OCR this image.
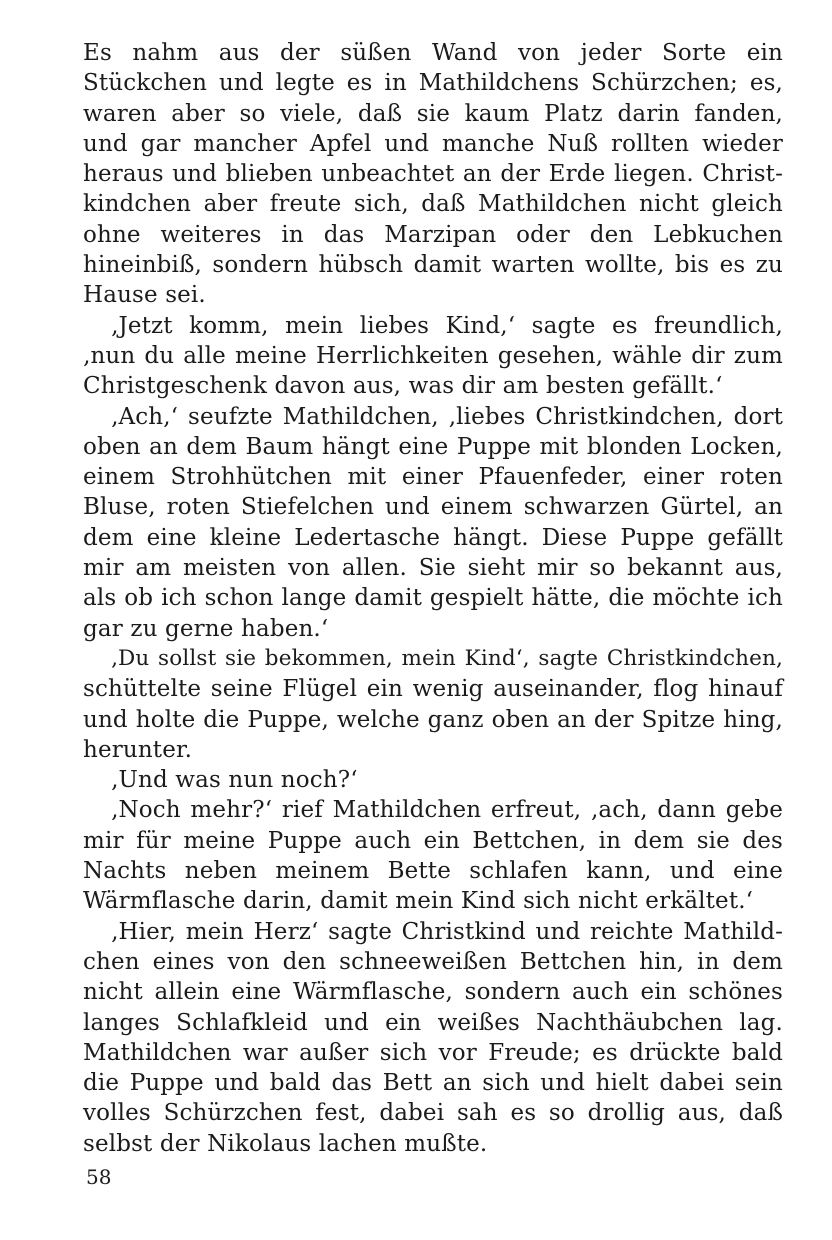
Es nahm aus der süßen Wand von jeder Sorte ein
Stückchen und legte es in Mathildchens Schürzchen; es,
waren aber so viele, daß sie kaum Platz darin fanden,
und gar mancher Apfel und manche Nuß rollten wieder
heraus und blieben unbeachtet an der Erde liegen. Christ-
kindchen aber freute sich, daß Mathildchen nicht gleich
ohne weiteres in das Marzipan oder den Lebkuchen
hineinbiß, sondern hübsch damit warten wollte, bis es zu
Hause sei.

‚Jetzt komm, mein liebes Kind,‘ sagte es freundlich,
‚nun du alle meine Herrlichkeiten gesehen, wähle dir zum
Christgeschenk davon aus, was dir am besten gefällt.‘

‚Ach,‘ seufzte Mathildchen, ‚liebes Christkindchen, dort
oben an dem Baum hängt eine Puppe mit blonden Locken,
einem Strohhütchen mit einer Pfauenfeder, einer roten
Bluse, roten Stiefelchen und einem schwarzen Gürtel, an
dem eine kleine Ledertasche hängt. Diese Puppe gefällt
mir am meisten von allen. Sie sieht mir so bekannt aus,
als ob ich schon lange damit gespielt hätte, die möchte ich
gar zu gerne haben.‘

‚Du sollst sie bekommen, mein Kind‘, sagte Christkindchen,
schüttelte seine Flügel ein wenig auseinander, flog hinauf
und holte die Puppe, welche ganz oben an der Spitze hing,
herunter.

‚Und was nun noch?‘

‚Noch mehr?‘ rief Mathildchen erfreut, ‚ach, dann gebe
mir für meine Puppe auch ein Bettchen, in dem sie des
Nachts neben meinem Bette schlafen kann, und eine
Wärmflasche darin, damit mein Kind sich nicht erkältet.‘

‚Hier, mein Herz‘ sagte Christkind und reichte Mathild-
chen eines von den schneeweißen Bettchen hin, in dem
nicht allein eine Wärmflasche, sondern auch ein schönes
langes Schlafkleid und ein weißes Nachthäubchen lag.
Mathildchen war außer sich vor Freude; es drückte bald
die Puppe und bald das Bett an sich und hielt dabei sein
volles Schürzchen fest, dabei sah es so drollig aus, daß
selbst der Nikolaus lachen mußte.

58
